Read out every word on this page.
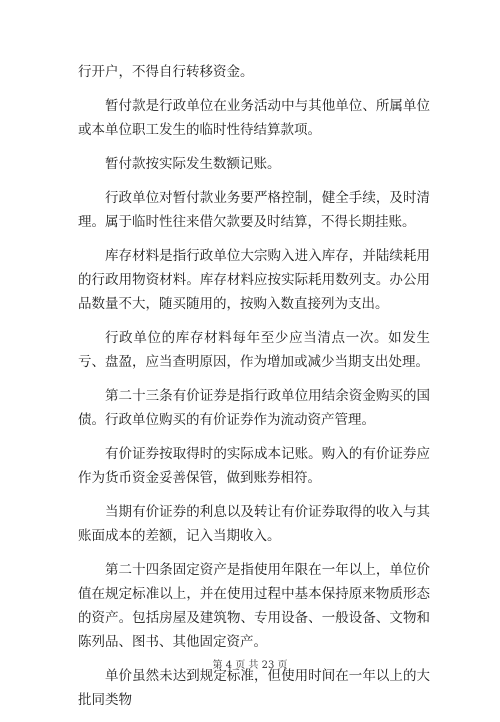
行开户，不得自行转移资金。

暂付款是行政单位在业务活动中与其他单位、所属单位或本单位职工发生的临时性待结算款项。

暂付款按实际发生数额记账。

行政单位对暂付款业务要严格控制，健全手续，及时清理。属于临时性往来借欠款要及时结算，不得长期挂账。

库存材料是指行政单位大宗购入进入库存，并陆续耗用的行政用物资材料。库存材料应按实际耗用数列支。办公用品数量不大，随买随用的，按购入数直接列为支出。

行政单位的库存材料每年至少应当清点一次。如发生亏、盘盈，应当查明原因，作为增加或减少当期支出处理。

第二十三条有价证券是指行政单位用结余资金购买的国债。行政单位购买的有价证券作为流动资产管理。

有价证券按取得时的实际成本记账。购入的有价证券应作为货币资金妥善保管，做到账券相符。

当期有价证券的利息以及转让有价证券取得的收入与其账面成本的差额，记入当期收入。

第二十四条固定资产是指使用年限在一年以上，单位价值在规定标准以上，并在使用过程中基本保持原来物质形态的资产。包括房屋及建筑物、专用设备、一般设备、文物和陈列品、图书、其他固定资产。

单价虽然未达到规定标准，但使用时间在一年以上的大批同类物

第 4 页 共 23 页
